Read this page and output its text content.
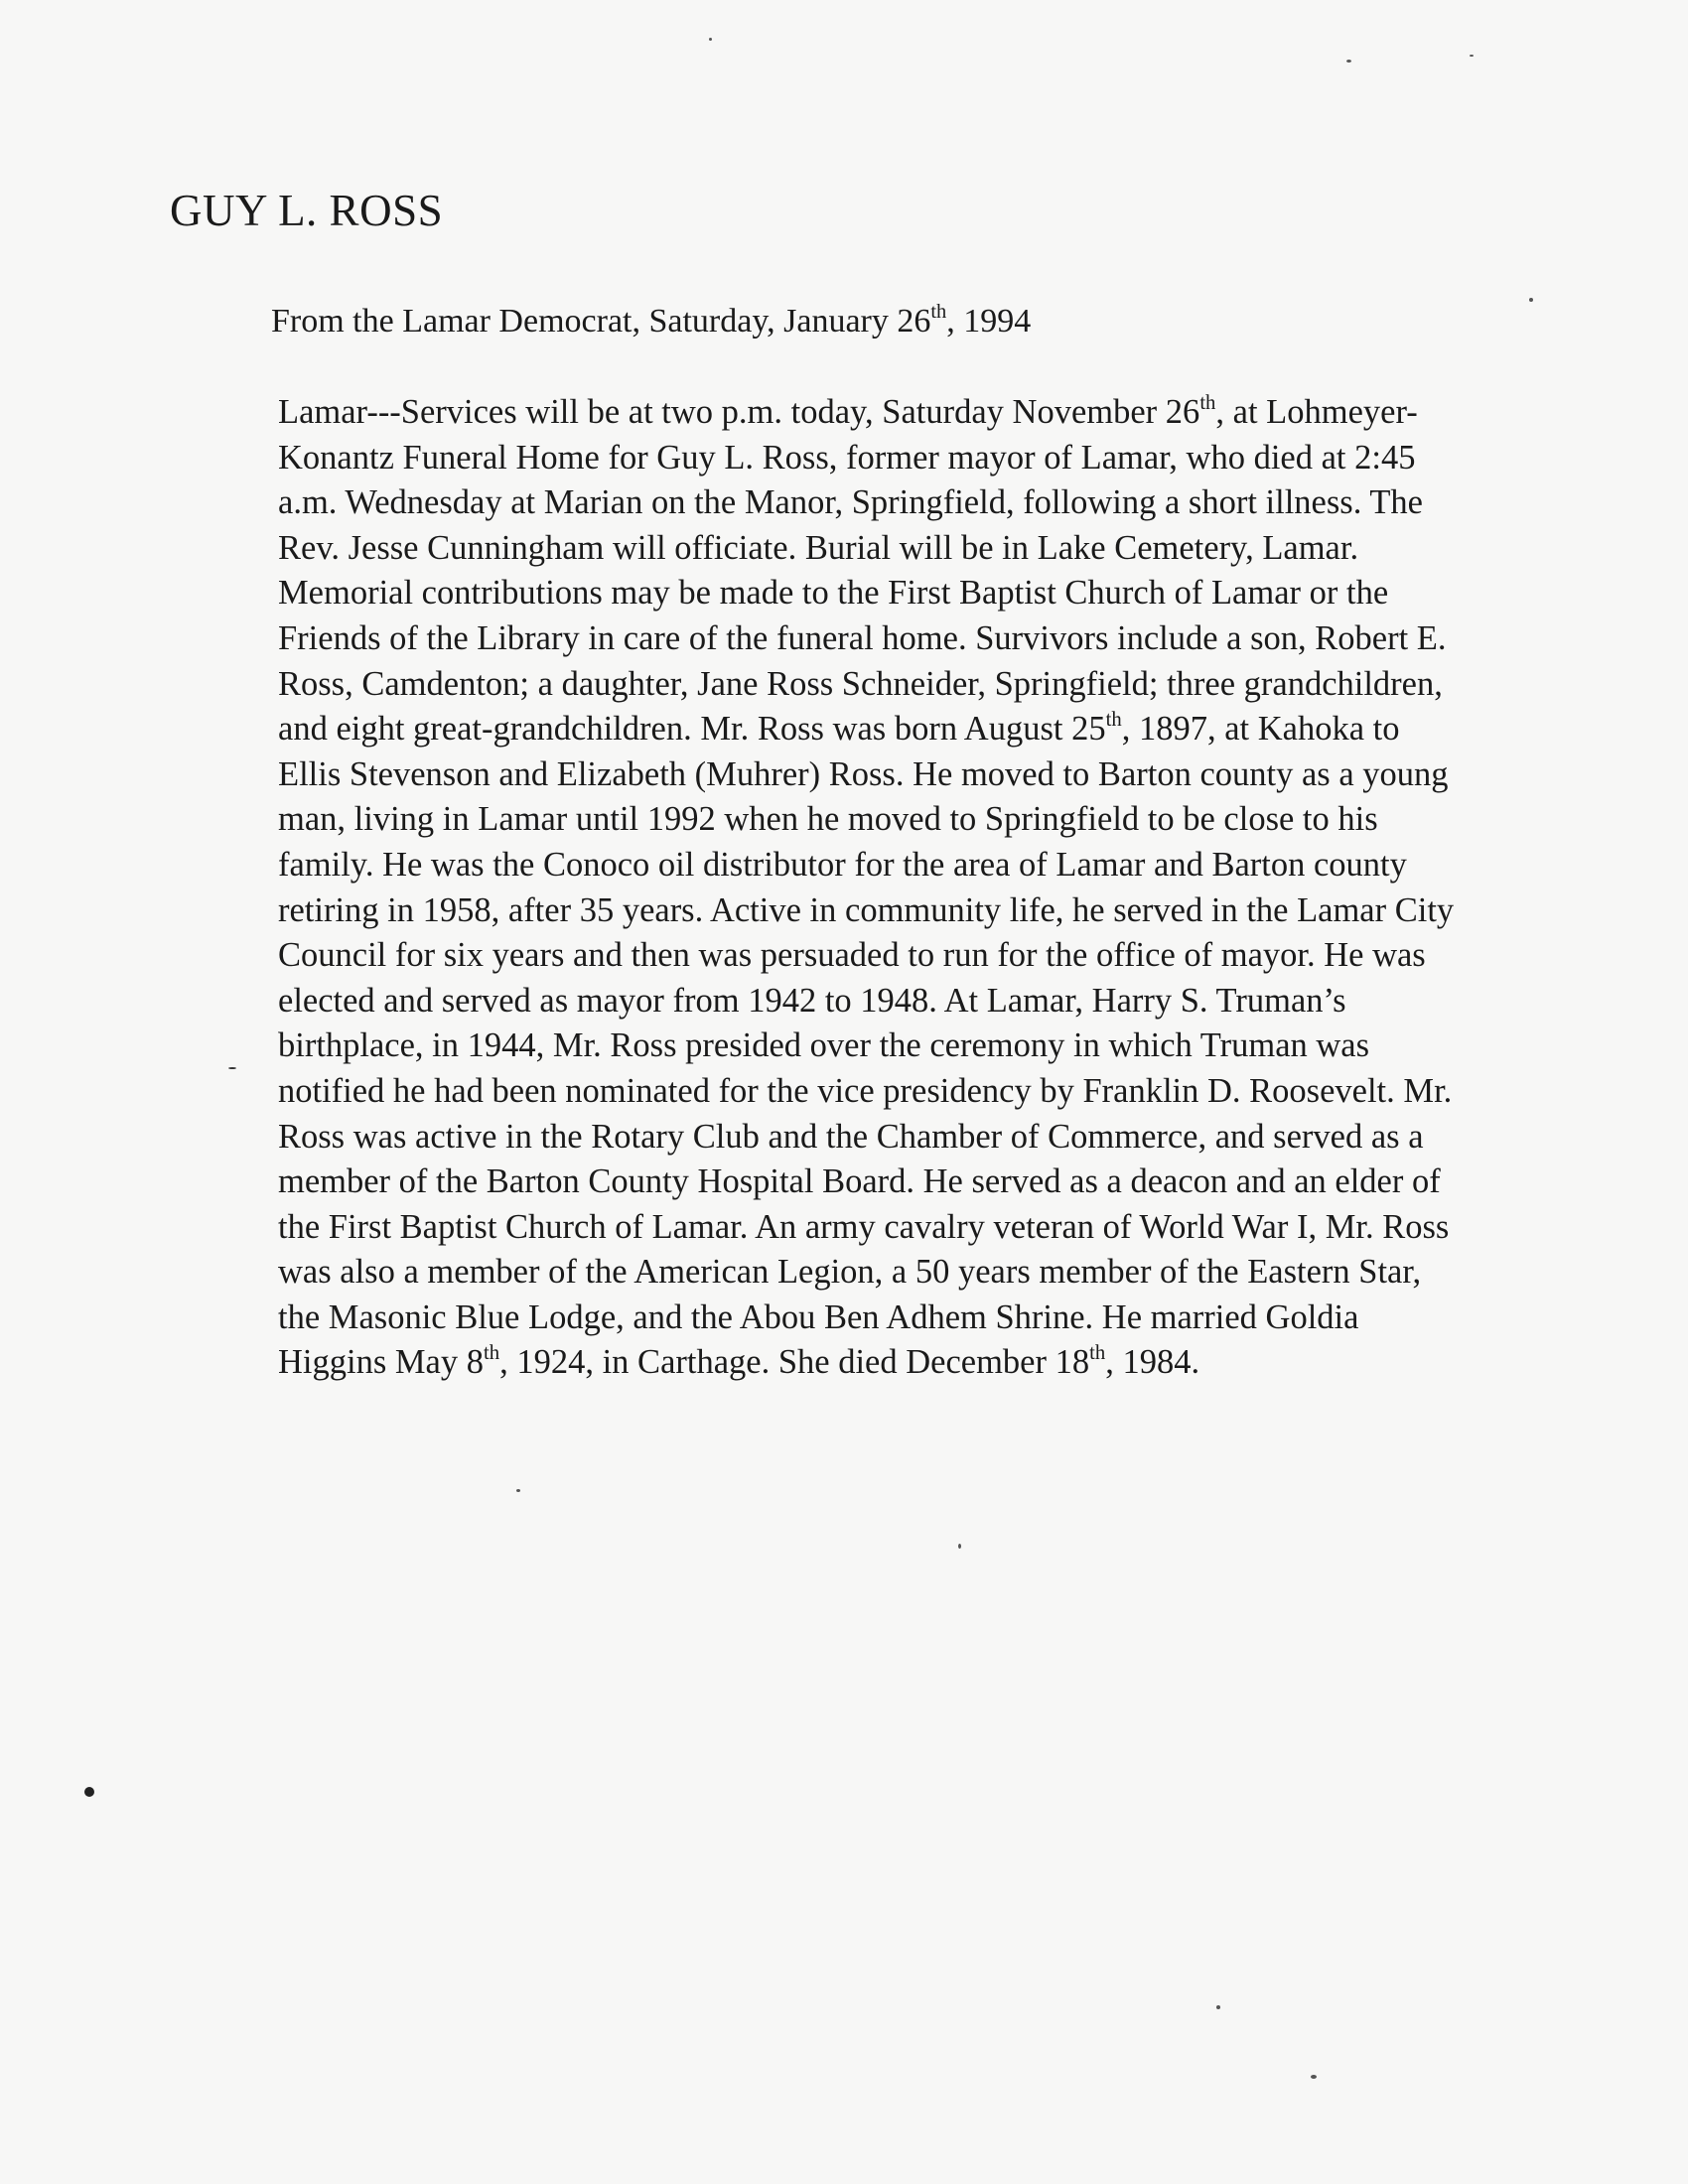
GUY L. ROSS

From the Lamar Democrat, Saturday, January 26th, 1994

Lamar---Services will be at two p.m. today, Saturday November 26th, at Lohmeyer-
Konantz Funeral Home for Guy L. Ross, former mayor of Lamar, who died at 2:45
a.m. Wednesday at Marian on the Manor, Springfield, following a short illness. The
Rev. Jesse Cunningham will officiate. Burial will be in Lake Cemetery, Lamar.
Memorial contributions may be made to the First Baptist Church of Lamar or the
Friends of the Library in care of the funeral home. Survivors include a son, Robert E.
Ross, Camdenton; a daughter, Jane Ross Schneider, Springfield; three grandchildren,
and eight great-grandchildren. Mr. Ross was born August 25th, 1897, at Kahoka to
Ellis Stevenson and Elizabeth (Muhrer) Ross. He moved to Barton county as a young
man, living in Lamar until 1992 when he moved to Springfield to be close to his
family. He was the Conoco oil distributor for the area of Lamar and Barton county
retiring in 1958, after 35 years. Active in community life, he served in the Lamar City
Council for six years and then was persuaded to run for the office of mayor. He was
elected and served as mayor from 1942 to 1948. At Lamar, Harry S. Truman’s
birthplace, in 1944, Mr. Ross presided over the ceremony in which Truman was
notified he had been nominated for the vice presidency by Franklin D. Roosevelt. Mr.
Ross was active in the Rotary Club and the Chamber of Commerce, and served as a
member of the Barton County Hospital Board. He served as a deacon and an elder of
the First Baptist Church of Lamar. An army cavalry veteran of World War I, Mr. Ross
was also a member of the American Legion, a 50 years member of the Eastern Star,
the Masonic Blue Lodge, and the Abou Ben Adhem Shrine. He married Goldia
Higgins May 8th, 1924, in Carthage. She died December 18th, 1984.
